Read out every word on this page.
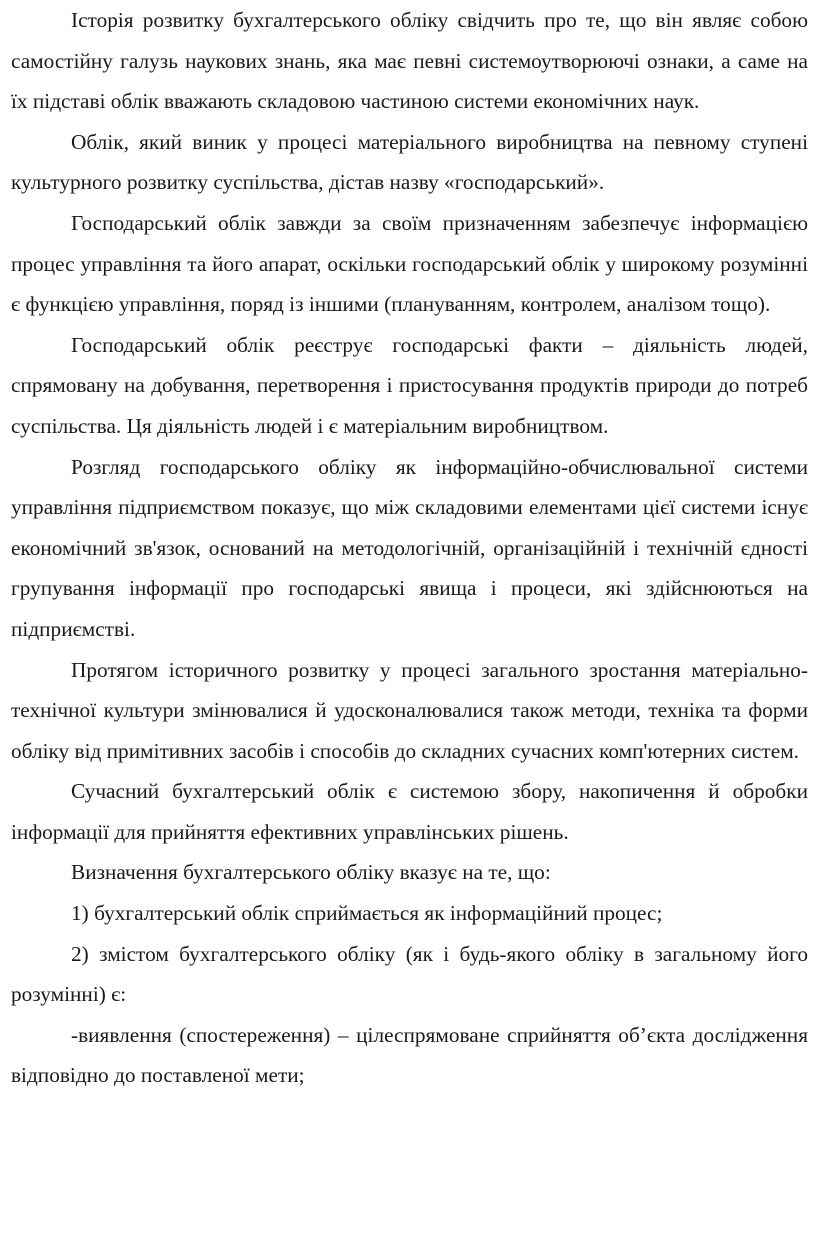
Історія розвитку бухгалтерського обліку свідчить про те, що він являє собою самостійну галузь наукових знань, яка має певні системоутворюючі ознаки, а саме на їх підставі облік вважають складовою частиною системи економічних наук.

Облік, який виник у процесі матеріального виробництва на певному ступені культурного розвитку суспільства, дістав назву «господарський».

Господарський облік завжди за своїм призначенням забезпечує інформацією процес управління та його апарат, оскільки господарський облік у широкому розумінні є функцією управління, поряд із іншими (плануванням, контролем, аналізом тощо).

Господарський облік реєструє господарські факти – діяльність людей, спрямовану на добування, перетворення і пристосування продуктів природи до потреб суспільства. Ця діяльність людей і є матеріальним виробництвом.

Розгляд господарського обліку як інформаційно-обчислювальної системи управління підприємством показує, що між складовими елементами цієї системи існує економічний зв'язок, оснований на методологічній, організаційній і технічній єдності групування інформації про господарські явища і процеси, які здійснюються на підприємстві.

Протягом історичного розвитку у процесі загального зростання матеріально-технічної культури змінювалися й удосконалювалися також методи, техніка та форми обліку від примітивних засобів і способів до складних сучасних комп'ютерних систем.

Сучасний бухгалтерський облік є системою збору, накопичення й обробки інформації для прийняття ефективних управлінських рішень.

Визначення бухгалтерського обліку вказує на те, що:

1) бухгалтерський облік сприймається як інформаційний процес;

2) змістом бухгалтерського обліку (як і будь-якого обліку в загальному його розумінні) є:

-виявлення (спостереження) – цілеспрямоване сприйняття об’єкта дослідження відповідно до поставленої мети;
